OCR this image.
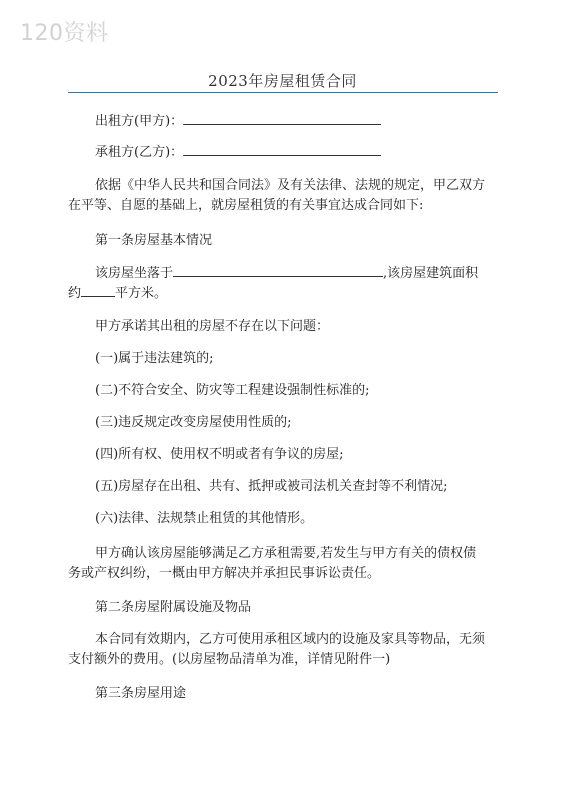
120资料
2023年房屋租赁合同
出租方(甲方)：
承租方(乙方)：
依据《中华人民共和国合同法》及有关法律、法规的规定，甲乙双方
在平等、自愿的基础上，就房屋租赁的有关事宜达成合同如下:
第一条房屋基本情况
该房屋坐落于	,该房屋建筑面积
约	平方米。
甲方承诺其出租的房屋不存在以下问题：
(一)属于违法建筑的;
(二)不符合安全、防灾等工程建设强制性标准的;
(三)违反规定改变房屋使用性质的;
(四)所有权、使用权不明或者有争议的房屋;
(五)房屋存在出租、共有、抵押或被司法机关查封等不利情况;
(六)法律、法规禁止租赁的其他情形。
甲方确认该房屋能够满足乙方承租需要,若发生与甲方有关的债权债
务或产权纠纷，一概由甲方解决并承担民事诉讼责任。
第二条房屋附属设施及物品
本合同有效期内，乙方可使用承租区域内的设施及家具等物品，无须
支付额外的费用。(以房屋物品清单为准，详情见附件一)
第三条房屋用途
